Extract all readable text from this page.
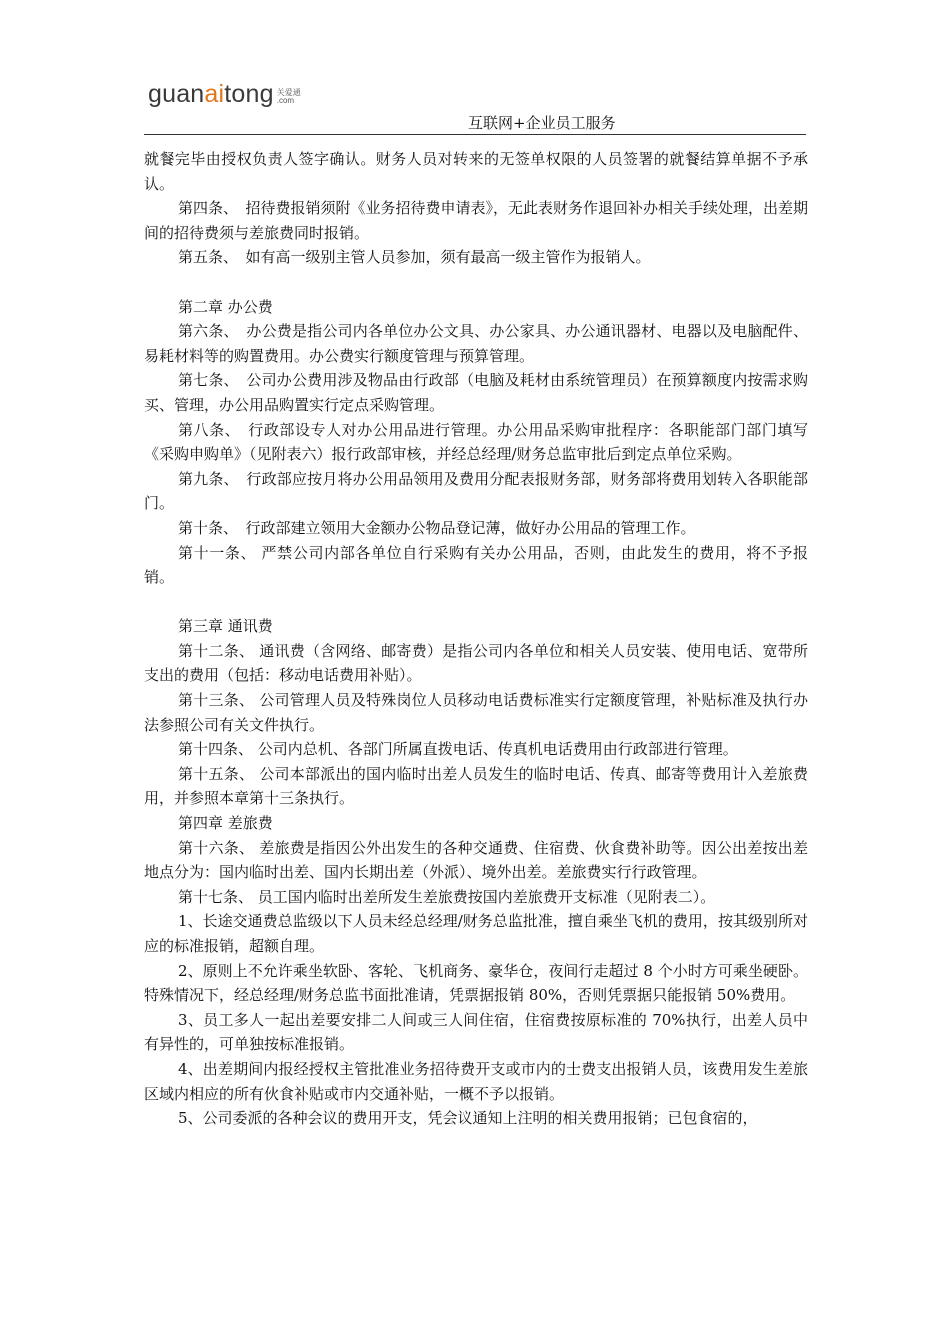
guanaitong 关爱通
.com
互联网+企业员工服务

就餐完毕由授权负责人签字确认。财务人员对转来的无签单权限的人员签署的就餐结算单据不予承认。

第四条、　招待费报销须附《业务招待费申请表》，无此表财务作退回补办相关手续处理，出差期间的招待费须与差旅费同时报销。

第五条、　如有高一级别主管人员参加，须有最高一级主管作为报销人。

第二章 办公费

第六条、　办公费是指公司内各单位办公文具、办公家具、办公通讯器材、电器以及电脑配件、易耗材料等的购置费用。办公费实行额度管理与预算管理。

第七条、　公司办公费用涉及物品由行政部（电脑及耗材由系统管理员）在预算额度内按需求购买、管理，办公用品购置实行定点采购管理。

第八条、　行政部设专人对办公用品进行管理。办公用品采购审批程序：各职能部门部门填写《采购申购单》（见附表六）报行政部审核，并经总经理/财务总监审批后到定点单位采购。

第九条、　行政部应按月将办公用品领用及费用分配表报财务部，财务部将费用划转入各职能部门。

第十条、　行政部建立领用大金额办公物品登记薄，做好办公用品的管理工作。

第十一条、 严禁公司内部各单位自行采购有关办公用品，否则，由此发生的费用，将不予报销。

第三章 通讯费

第十二条、 通讯费（含网络、邮寄费）是指公司内各单位和相关人员安装、使用电话、宽带所支出的费用（包括：移动电话费用补贴）。

第十三条、 公司管理人员及特殊岗位人员移动电话费标准实行定额度管理，补贴标准及执行办法参照公司有关文件执行。

第十四条、 公司内总机、各部门所属直拨电话、传真机电话费用由行政部进行管理。

第十五条、 公司本部派出的国内临时出差人员发生的临时电话、传真、邮寄等费用计入差旅费用，并参照本章第十三条执行。

第四章 差旅费

第十六条、 差旅费是指因公外出发生的各种交通费、住宿费、伙食费补助等。因公出差按出差地点分为：国内临时出差、国内长期出差（外派）、境外出差。差旅费实行行政管理。

第十七条、 员工国内临时出差所发生差旅费按国内差旅费开支标准（见附表二）。

1、长途交通费总监级以下人员未经总经理/财务总监批准，擅自乘坐飞机的费用，按其级别所对应的标准报销，超额自理。

2、原则上不允许乘坐软卧、客轮、飞机商务、豪华仓，夜间行走超过 8 个小时方可乘坐硬卧。特殊情况下，经总经理/财务总监书面批准请，凭票据报销 80%，否则凭票据只能报销 50%费用。

3、员工多人一起出差要安排二人间或三人间住宿，住宿费按原标准的 70%执行，出差人员中有异性的，可单独按标准报销。

4、出差期间内报经授权主管批准业务招待费开支或市内的士费支出报销人员，该费用发生差旅区域内相应的所有伙食补贴或市内交通补贴，一概不予以报销。

5、公司委派的各种会议的费用开支，凭会议通知上注明的相关费用报销；已包食宿的，
